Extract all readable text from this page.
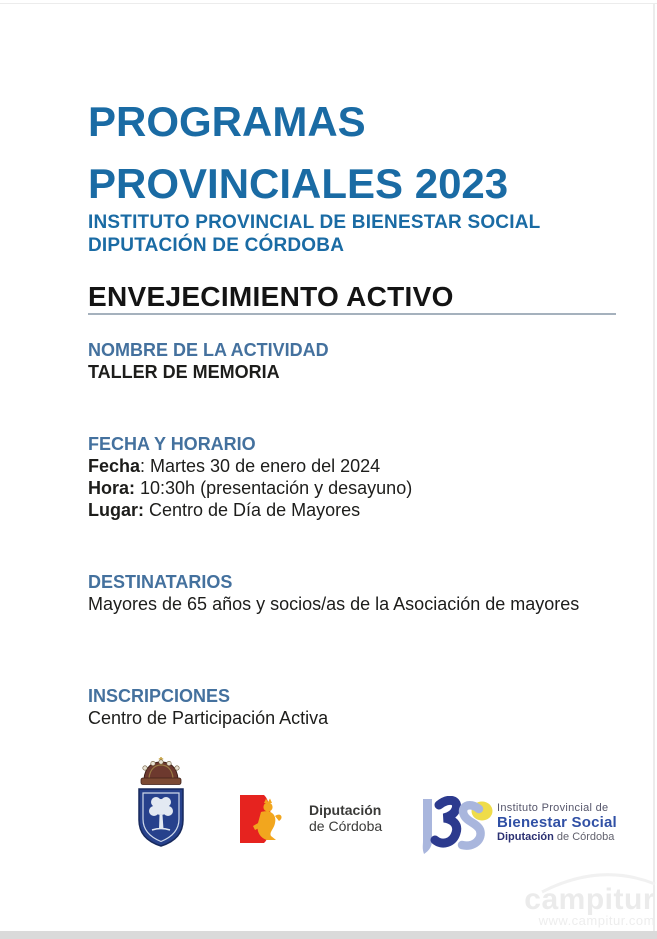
PROGRAMAS
PROVINCIALES 2023
INSTITUTO PROVINCIAL DE BIENESTAR SOCIAL
DIPUTACIÓN DE CÓRDOBA
ENVEJECIMIENTO ACTIVO
NOMBRE DE LA ACTIVIDAD
TALLER DE MEMORIA
FECHA Y HORARIO
Fecha: Martes 30 de enero del 2024
Hora: 10:30h (presentación y desayuno)
Lugar: Centro de Día de Mayores
DESTINATARIOS
Mayores de 65 años y socios/as de la Asociación de mayores
INSCRIPCIONES
Centro de Participación Activa
Diputación
de Córdoba
Instituto Provincial de
Bienestar Social
Diputación de Córdoba
campitur
www.campitur.com
